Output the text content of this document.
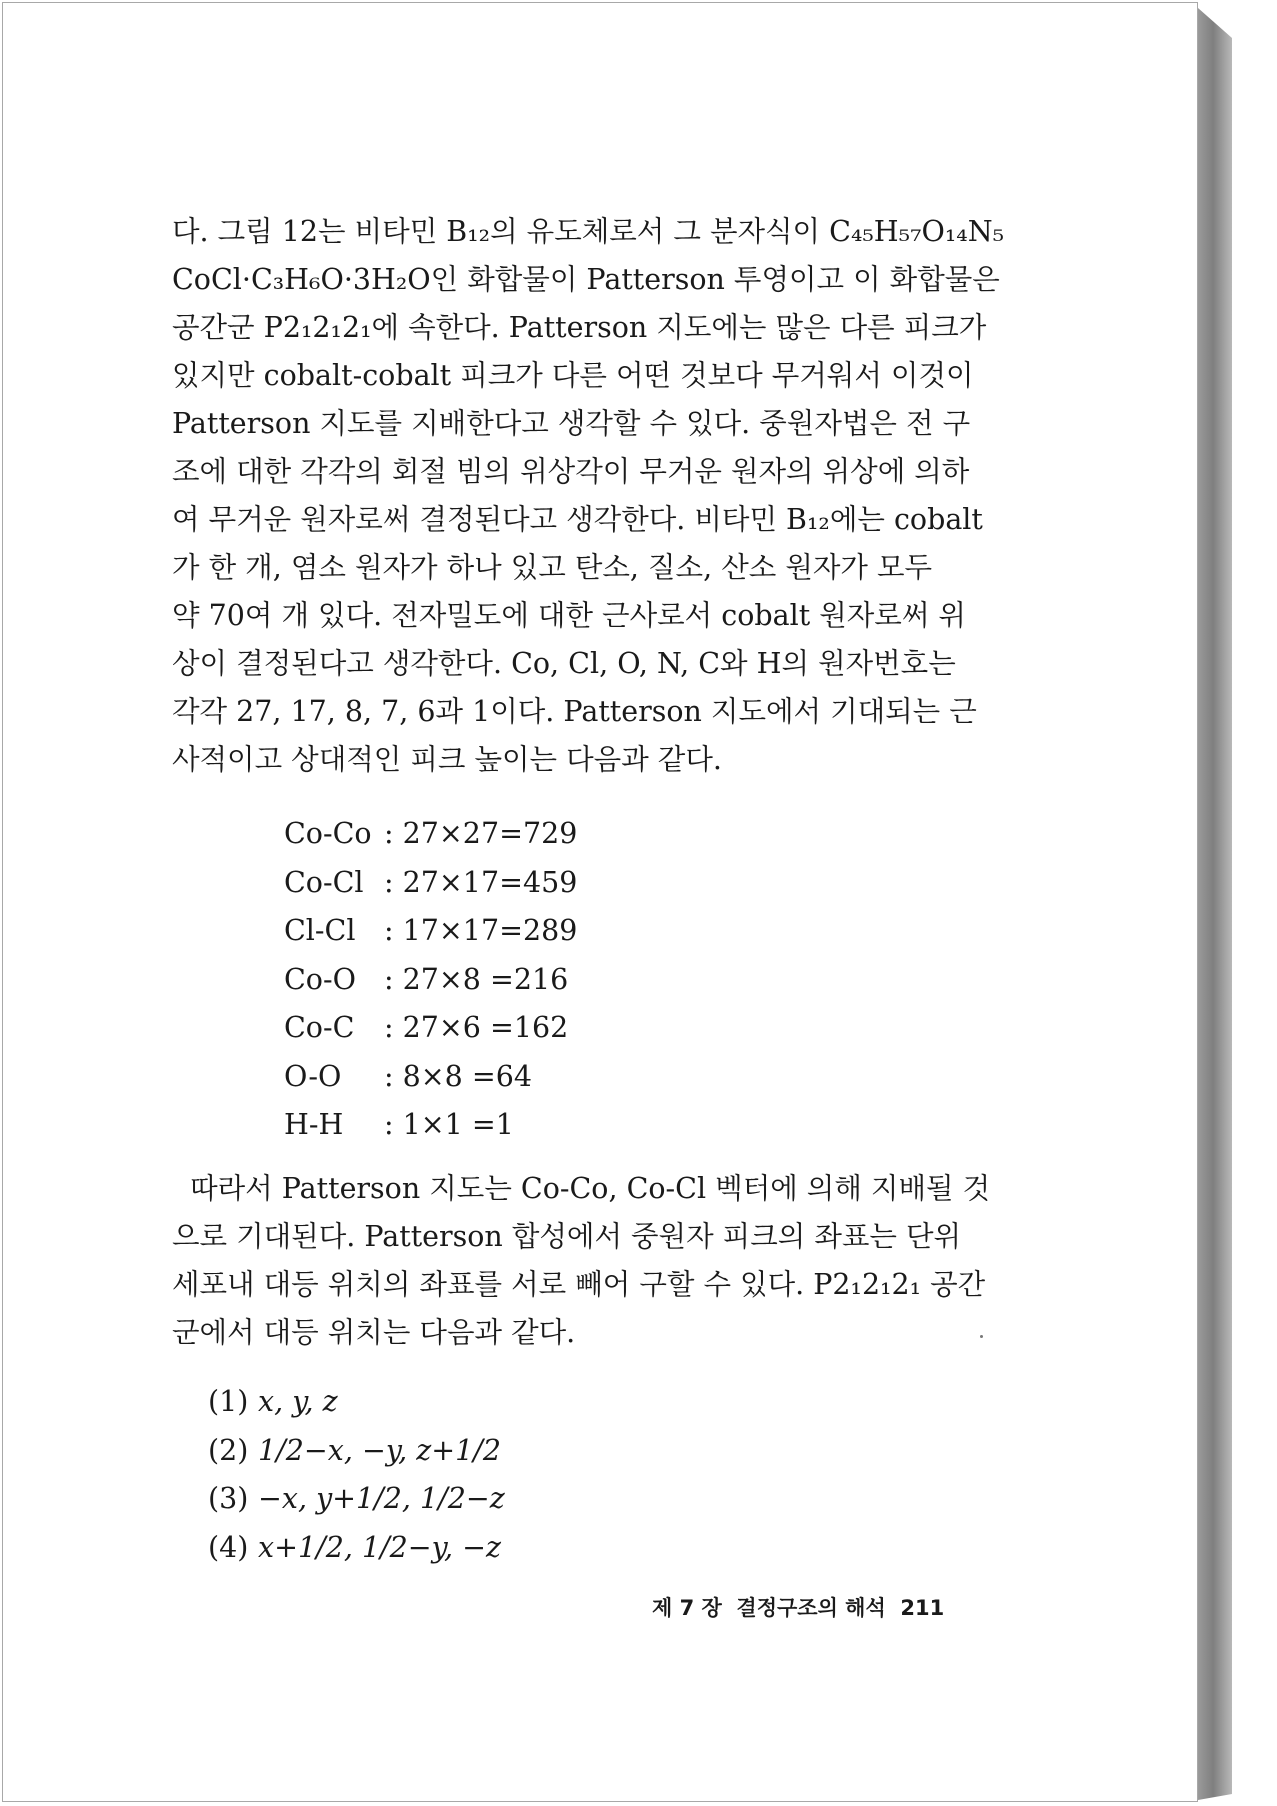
다. 그림 12는 비타민 B₁₂의 유도체로서 그 분자식이 C₄₅H₅₇O₁₄N₅
CoCl·C₃H₆O·3H₂O인 화합물이 Patterson 투영이고 이 화합물은
공간군 P2₁2₁2₁에 속한다. Patterson 지도에는 많은 다른 피크가
있지만 cobalt-cobalt 피크가 다른 어떤 것보다 무거워서 이것이
Patterson 지도를 지배한다고 생각할 수 있다. 중원자법은 전 구
조에 대한 각각의 회절 빔의 위상각이 무거운 원자의 위상에 의하
여 무거운 원자로써 결정된다고 생각한다. 비타민 B₁₂에는 cobalt
가 한 개, 염소 원자가 하나 있고 탄소, 질소, 산소 원자가 모두
약 70여 개 있다. 전자밀도에 대한 근사로서 cobalt 원자로써 위
상이 결정된다고 생각한다. Co, Cl, O, N, C와 H의 원자번호는
각각 27, 17, 8, 7, 6과 1이다. Patterson 지도에서 기대되는 근
사적이고 상대적인 피크 높이는 다음과 같다.

Co-Co : 27×27=729
Co-Cl : 27×17=459
Cl-Cl	: 17×17=289
Co-O : 27×8 =216
Co-C	: 27×6 =162
O-O	: 8×8 =64
H-H	: 1×1 =1

따라서 Patterson 지도는 Co-Co, Co-Cl 벡터에 의해 지배될 것
으로 기대된다. Patterson 합성에서 중원자 피크의 좌표는 단위
세포내 대등 위치의 좌표를 서로 빼어 구할 수 있다. P2₁2₁2₁ 공간
군에서 대등 위치는 다음과 같다.

(1) x, y, z
(2) 1/2−x, −y, z+1/2
(3) −x, y+1/2, 1/2−z
(4) x+1/2, 1/2−y, −z

제 7 장  결정구조의 해석  211
